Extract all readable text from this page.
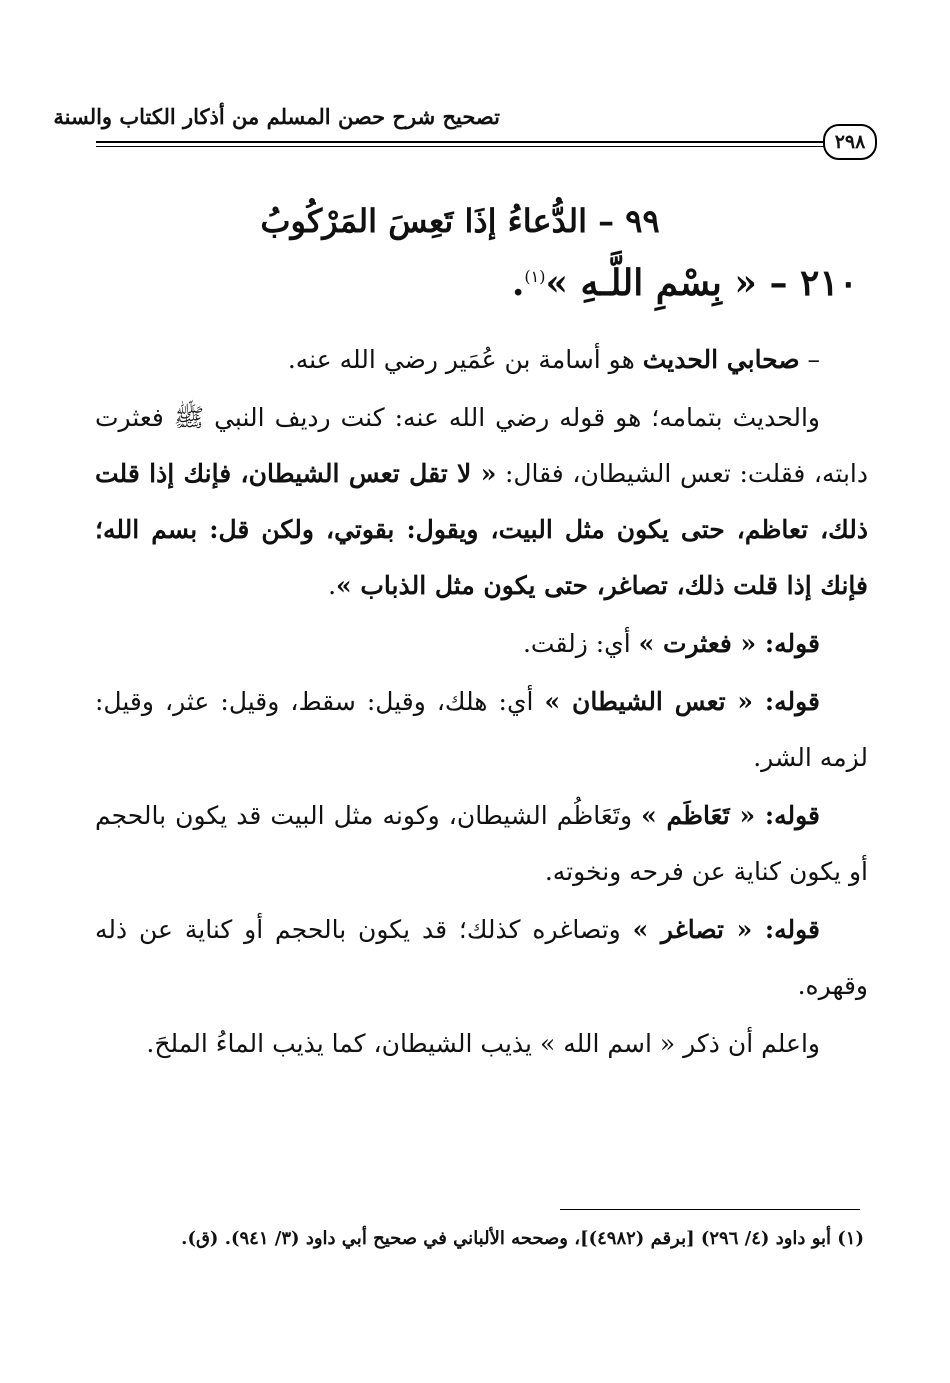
تصحيح شرح حصن المسلم من أذكار الكتاب والسنة
٢٩٨
٩٩ – الدُّعاءُ إذَا تَعِسَ المَرْكُوبُ
٢١٠ – « بِسْمِ اللَّـهِ »$^{(١)}$.

– صحابي الحديث هو أسامة بن عُمَير رضي الله عنه.

والحديث بتمامه؛ هو قوله رضي الله عنه: كنت رديف النبي ﷺ فعثرت دابته، فقلت: تعس الشيطان، فقال: « لا تقل تعس الشيطان، فإنك إذا قلت ذلك، تعاظم، حتى يكون مثل البيت، ويقول: بقوتي، ولكن قل: بسم الله؛ فإنك إذا قلت ذلك، تصاغر، حتى يكون مثل الذباب ».

قوله: « فعثرت » أي: زلقت.

قوله: « تعس الشيطان » أي: هلك، وقيل: سقط، وقيل: عثر، وقيل: لزمه الشر.

قوله: « تَعَاظَم » وتَعَاظُم الشيطان، وكونه مثل البيت قد يكون بالحجم أو يكون كناية عن فرحه ونخوته.

قوله: « تصاغر » وتصاغره كذلك؛ قد يكون بالحجم أو كناية عن ذله وقهره.

واعلم أن ذكر « اسم الله » يذيب الشيطان، كما يذيب الماءُ الملحَ.

(١) أبو داود (٤/ ٢٩٦) [برقم (٤٩٨٢)]، وصححه الألباني في صحيح أبي داود (٣/ ٩٤١). (ق).
